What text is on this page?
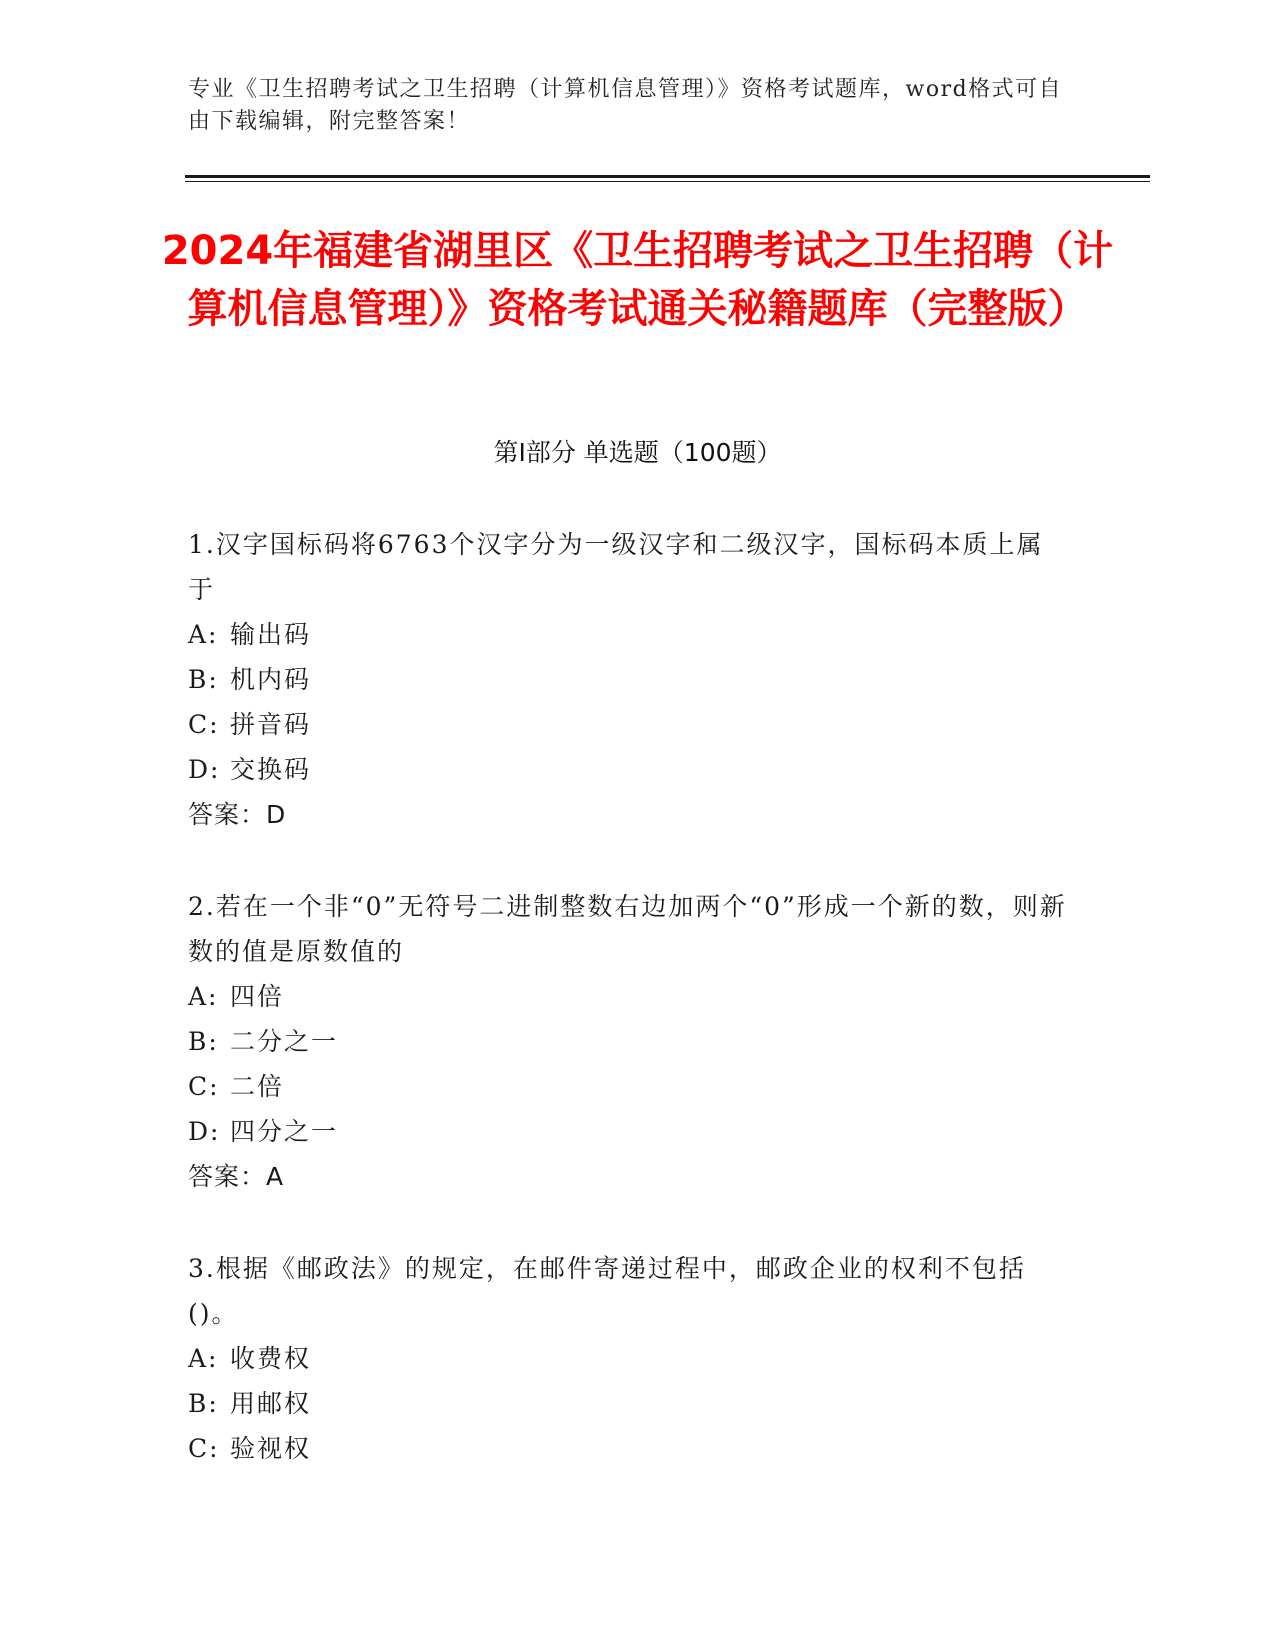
专业《卫生招聘考试之卫生招聘（计算机信息管理）》资格考试题库，word格式可自由下载编辑，附完整答案！
2024年福建省湖里区《卫生招聘考试之卫生招聘（计算机信息管理）》资格考试通关秘籍题库（完整版）
第Ⅰ部分 单选题（100题）
1.汉字国标码将6763个汉字分为一级汉字和二级汉字，国标码本质上属于
A: 输出码
B: 机内码
C: 拼音码
D: 交换码
答案：D
2.若在一个非“0”无符号二进制整数右边加两个“0”形成一个新的数，则新数的值是原数值的
A: 四倍
B: 二分之一
C: 二倍
D: 四分之一
答案：A
3.根据《邮政法》的规定，在邮件寄递过程中，邮政企业的权利不包括()。
A: 收费权
B: 用邮权
C: 验视权
